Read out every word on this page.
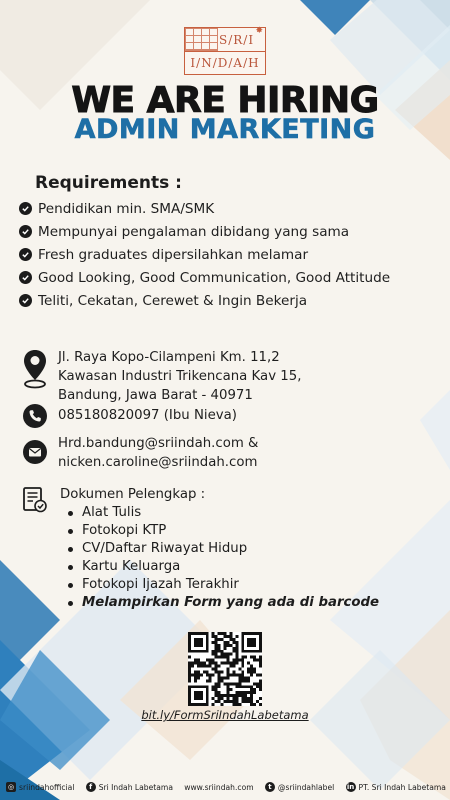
S/R/I
✸
I/N/D/A/H
WE ARE HIRING
ADMIN MARKETING
Requirements :
Pendidikan min. SMA/SMK
Mempunyai pengalaman dibidang yang sama
Fresh graduates dipersilahkan melamar
Good Looking, Good Communication, Good Attitude
Teliti, Cekatan, Cerewet & Ingin Bekerja
Jl. Raya Kopo-Cilampeni Km. 11,2
Kawasan Industri Trikencana Kav 15,
Bandung, Jawa Barat - 40971
085180820097 (Ibu Nieva)
Hrd.bandung@sriindah.com &
nicken.caroline@sriindah.com
Dokumen Pelengkap :
Alat Tulis
Fotokopi KTP
CV/Daftar Riwayat Hidup
Kartu Keluarga
Fotokopi Ijazah Terakhir
Melampirkan Form yang ada di barcode
bit.ly/FormSriIndahLabetama
◎ sriindahofficial	f Sri Indah Labetama www.sriindah.com	t @sriindahlabel in PT. Sri Indah Labetama
